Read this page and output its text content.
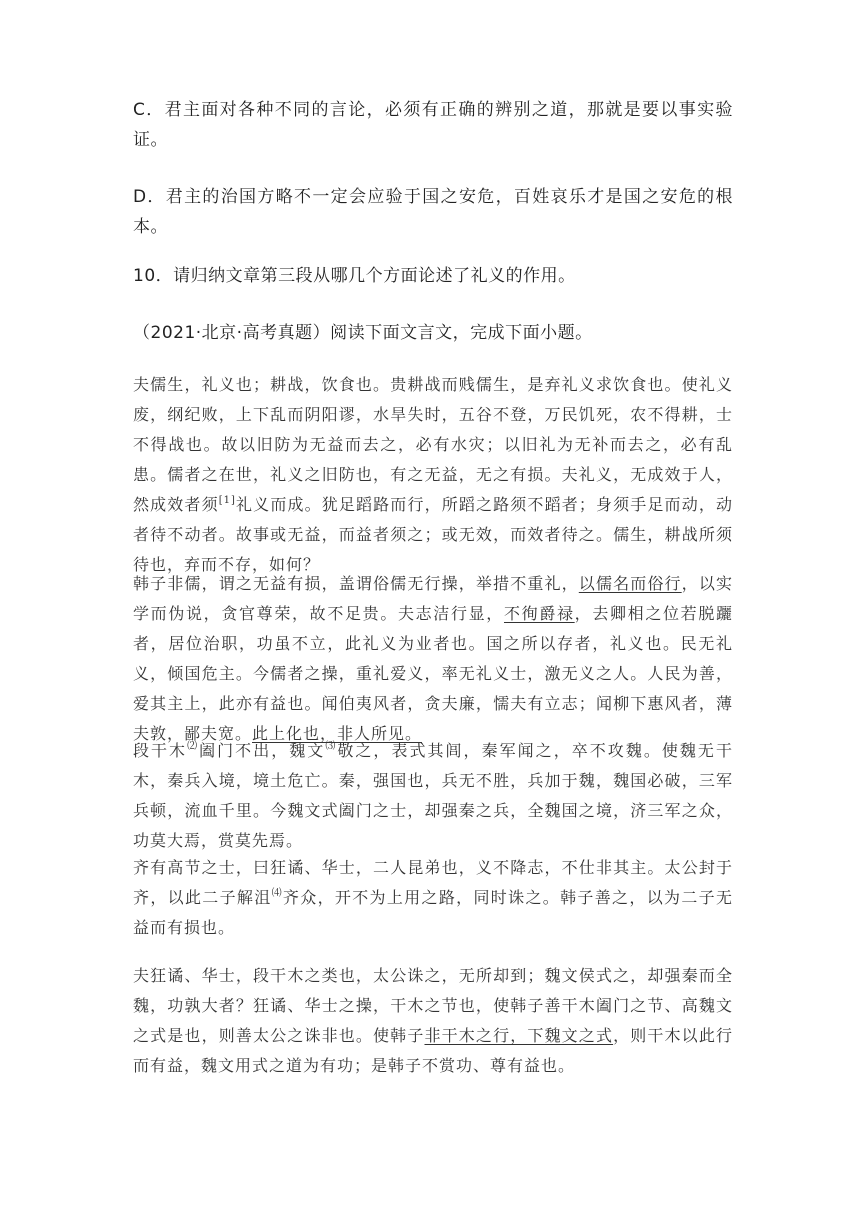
C．君主面对各种不同的言论，必须有正确的辨别之道，那就是要以事实验证。

D．君主的治国方略不一定会应验于国之安危，百姓哀乐才是国之安危的根本。

10．请归纳文章第三段从哪几个方面论述了礼义的作用。

（2021·北京·高考真题）阅读下面文言文，完成下面小题。

夫儒生，礼义也；耕战，饮食也。贵耕战而贱儒生，是弃礼义求饮食也。使礼义废，纲纪败，上下乱而阴阳谬，水旱失时，五谷不登，万民饥死，农不得耕，士不得战也。故以旧防为无益而去之，必有水灾；以旧礼为无补而去之，必有乱患。儒者之在世，礼义之旧防也，有之无益，无之有损。夫礼义，无成效于人，然成效者须[1]礼义而成。犹足蹈路而行，所蹈之路须不蹈者；身须手足而动，动者待不动者。故事或无益，而益者须之；或无效，而效者待之。儒生，耕战所须待也，弃而不存，如何？

韩子非儒，谓之无益有损，盖谓俗儒无行操，举措不重礼，以儒名而俗行，以实学而伪说，贪官尊荣，故不足贵。夫志洁行显，不徇爵禄，去卿相之位若脱躧者，居位治职，功虽不立，此礼义为业者也。国之所以存者，礼义也。民无礼义，倾国危主。今儒者之操，重礼爱义，率无礼义士，激无义之人。人民为善，爱其主上，此亦有益也。闻伯夷风者，贪夫廉，懦夫有立志；闻柳下惠风者，薄夫敦，鄙夫宽。此上化也，非人所见。

段干木⑵阖门不出，魏文⑶敬之，表式其闾，秦军闻之，卒不攻魏。使魏无干木，秦兵入境，境土危亡。秦，强国也，兵无不胜，兵加于魏，魏国必破，三军兵顿，流血千里。今魏文式阖门之士，却强秦之兵，全魏国之境，济三军之众，功莫大焉，赏莫先焉。

齐有高节之士，曰狂谲、华士，二人昆弟也，义不降志，不仕非其主。太公封于齐，以此二子解沮⑷齐众，开不为上用之路，同时诛之。韩子善之，以为二子无益而有损也。

夫狂谲、华士，段干木之类也，太公诛之，无所却到；魏文侯式之，却强秦而全魏，功孰大者？狂谲、华士之操，干木之节也，使韩子善干木阖门之节、高魏文之式是也，则善太公之诛非也。使韩子非干木之行，下魏文之式，则干木以此行而有益，魏文用式之道为有功；是韩子不赏功、尊有益也。
